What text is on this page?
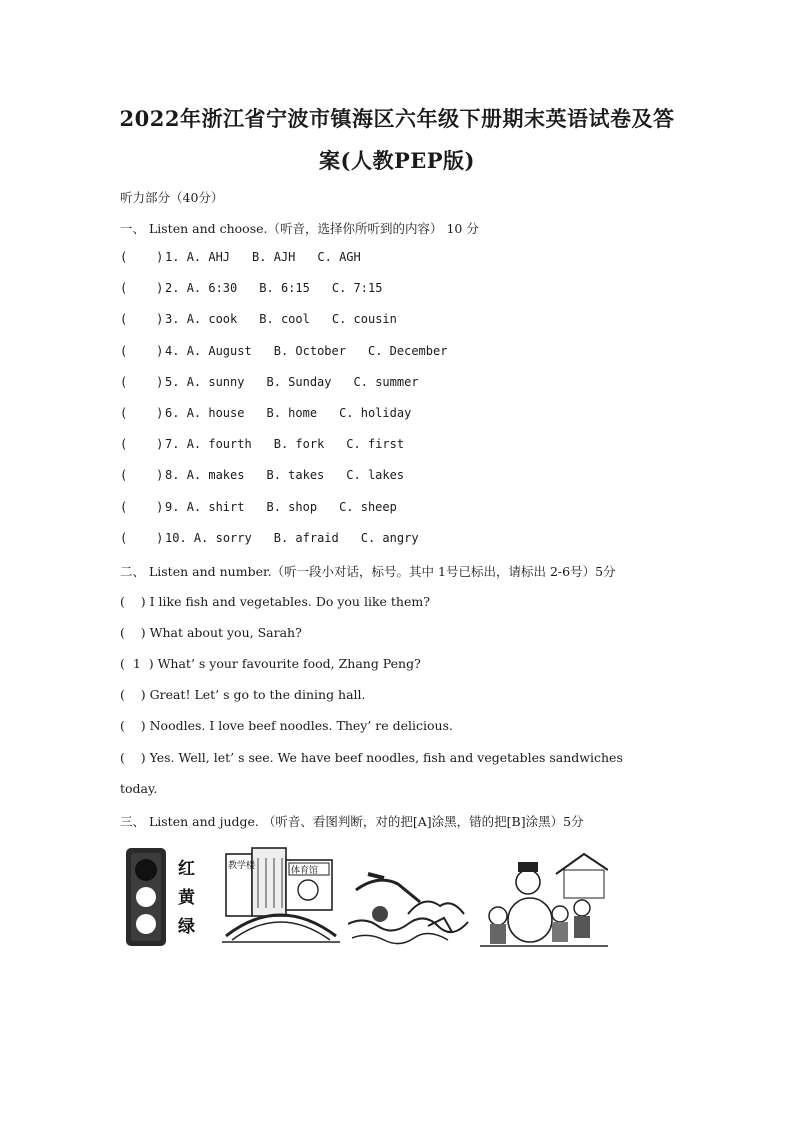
2022年浙江省宁波市镇海区六年级下册期末英语试卷及答
案(人教PEP版)
听力部分（40分）
一、 Listen and choose.（听音，选择你所听到的内容） 10 分
(    ) 1. A. AHJ B. AJH C. AGH
(    ) 2. A. 6:30 B. 6:15 C. 7:15
(    ) 3. A. cook B. cool C. cousin
(    ) 4. A. August B. October C. December
(    ) 5. A. sunny B. Sunday C. summer
(    ) 6. A. house B. home C. holiday
(    ) 7. A. fourth B. fork C. first
(    ) 8. A. makes B. takes C. lakes
(    ) 9. A. shirt B. shop C. sheep
(    ) 10. A. sorry B. afraid C. angry
二、 Listen and number.（听一段小对话，标号。其中 1号已标出，请标出 2-6号）5分
(    ) I like fish and vegetables. Do you like them?
(    ) What about you, Sarah?
(  1  ) What’ s your favourite food, Zhang Peng?
(    ) Great! Let’ s go to the dining hall.
(    ) Noodles. I love beef noodles. They’ re delicious.
(    ) Yes. Well, let’ s see. We have beef noodles, fish and vegetables sandwiches
today.
三、 Listen and judge. （听音、看图判断，对的把[A]涂黑，错的把[B]涂黑）5分
红
黄
绿
教学楼	体育馆
